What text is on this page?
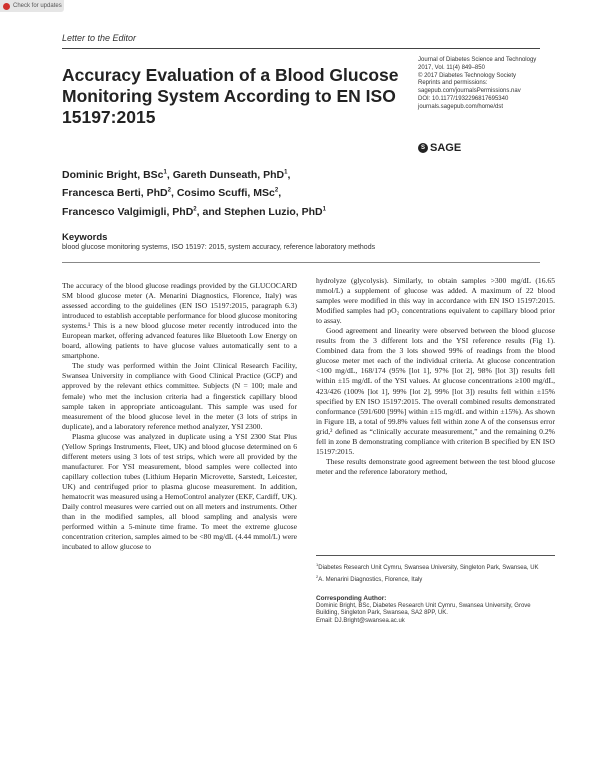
Check for updates
Letter to the Editor
Accuracy Evaluation of a Blood Glucose Monitoring System According to EN ISO 15197:2015
Journal of Diabetes Science and Technology
2017, Vol. 11(4) 849–850
© 2017 Diabetes Technology Society
Reprints and permissions:
sagepub.com/journalsPermissions.nav
DOI: 10.1177/1932296817695340
journals.sagepub.com/home/dst
S SAGE
Dominic Bright, BSc$^1$, Gareth Dunseath, PhD$^1$,
Francesca Berti, PhD$^2$, Cosimo Scuffi, MSc$^2$,
Francesco Valgimigli, PhD$^2$, and Stephen Luzio, PhD$^1$
Keywords
blood glucose monitoring systems, ISO 15197: 2015, system accuracy, reference laboratory methods

The accuracy of the blood glucose readings provided by the GLUCOCARD SM blood glucose meter (A. Menarini Diagnostics, Florence, Italy) was assessed according to the guidelines (EN ISO 15197:2015, paragraph 6.3) introduced to establish acceptable performance for blood glucose monitoring systems.¹ This is a new blood glucose meter recently introduced into the European market, offering advanced features like Bluetooth Low Energy on board, allowing patients to have glucose values automatically sent to a smartphone.

The study was performed within the Joint Clinical Research Facility, Swansea University in compliance with Good Clinical Practice (GCP) and approved by the relevant ethics committee. Subjects (N = 100; male and female) who met the inclusion criteria had a fingerstick capillary blood sample taken in appropriate anticoagulant. This sample was used for measurement of the blood glucose level in the meter (3 lots of strips in duplicate), and a laboratory reference method analyzer, YSI 2300.

Plasma glucose was analyzed in duplicate using a YSI 2300 Stat Plus (Yellow Springs Instruments, Fleet, UK) and blood glucose determined on 6 different meters using 3 lots of test strips, which were all provided by the manufacturer. For YSI measurement, blood samples were collected into capillary collection tubes (Lithium Heparin Microvette, Sarstedt, Leicester, UK) and centrifuged prior to plasma glucose measurement. In addition, hematocrit was measured using a HemoControl analyzer (EKF, Cardiff, UK). Daily control measures were carried out on all meters and instruments. Other than in the modified samples, all blood sampling and analysis were performed within a 5-minute time frame. To meet the extreme glucose concentration criterion, samples aimed to be <80 mg/dL (4.44 mmol/L) were incubated to allow glucose to

hydrolyze (glycolysis). Similarly, to obtain samples >300 mg/dL (16.65 mmol/L) a supplement of glucose was added. A maximum of 22 blood samples were modified in this way in accordance with EN ISO 15197:2015. Modified samples had pO₂ concentrations equivalent to capillary blood prior to assay.

Good agreement and linearity were observed between the blood glucose results from the 3 different lots and the YSI reference results (Fig 1). Combined data from the 3 lots showed 99% of readings from the blood glucose meter met each of the individual criteria. At glucose concentration <100 mg/dL, 168/174 (95% [lot 1], 97% [lot 2], 98% [lot 3]) results fell within ±15 mg/dL of the YSI values. At glucose concentrations ≥100 mg/dL, 423/426 (100% [lot 1], 99% [lot 2], 99% [lot 3]) results fell within ±15% specified by EN ISO 15197:2015. The overall combined results demonstrated conformance (591/600 [99%] within ±15 mg/dL and within ±15%). As shown in Figure 1B, a total of 99.8% values fell within zone A of the consensus error grid,² defined as “clinically accurate measurement,” and the remaining 0.2% fell in zone B demonstrating compliance with criterion B specified by EN ISO 15197:2015.

These results demonstrate good agreement between the test blood glucose meter and the reference laboratory method,

$^1$Diabetes Research Unit Cymru, Swansea University, Singleton Park, Swansea, UK
$^2$A. Menarini Diagnostics, Florence, Italy
Corresponding Author:
Dominic Bright, BSc, Diabetes Research Unit Cymru, Swansea University, Grove Building, Singleton Park, Swansea, SA2 8PP, UK.
Email: DJ.Bright@swansea.ac.uk
